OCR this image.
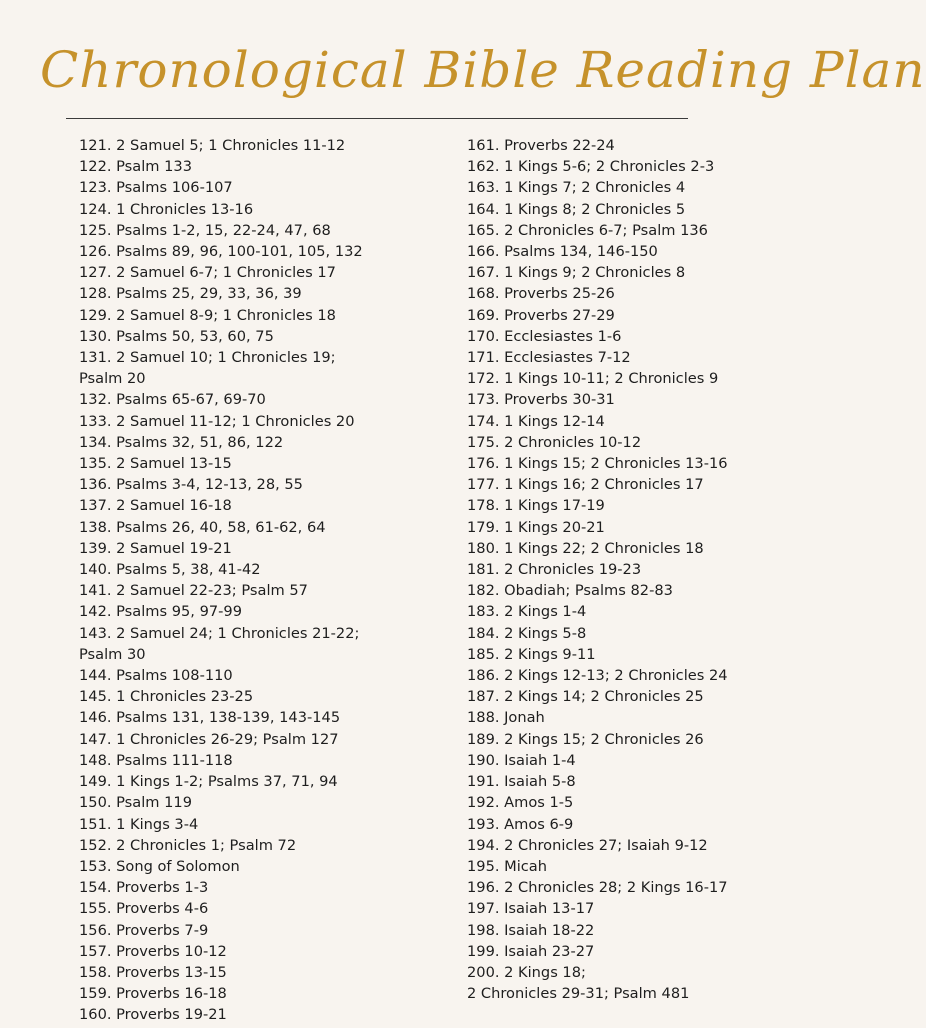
Chronological Bible Reading Plan
121. 2 Samuel 5; 1 Chronicles 11-12
122. Psalm 133
123. Psalms 106-107
124. 1 Chronicles 13-16
125. Psalms 1-2, 15, 22-24, 47, 68
126. Psalms 89, 96, 100-101, 105, 132
127. 2 Samuel 6-7; 1 Chronicles 17
128. Psalms 25, 29, 33, 36, 39
129. 2 Samuel 8-9; 1 Chronicles 18
130. Psalms 50, 53, 60, 75
131. 2 Samuel 10; 1 Chronicles 19;
Psalm 20
132. Psalms 65-67, 69-70
133. 2 Samuel 11-12; 1 Chronicles 20
134. Psalms 32, 51, 86, 122
135. 2 Samuel 13-15
136. Psalms 3-4, 12-13, 28, 55
137. 2 Samuel 16-18
138. Psalms 26, 40, 58, 61-62, 64
139. 2 Samuel 19-21
140. Psalms 5, 38, 41-42
141. 2 Samuel 22-23; Psalm 57
142. Psalms 95, 97-99
143. 2 Samuel 24; 1 Chronicles 21-22;
Psalm 30
144. Psalms 108-110
145. 1 Chronicles 23-25
146. Psalms 131, 138-139, 143-145
147. 1 Chronicles 26-29; Psalm 127
148. Psalms 111-118
149. 1 Kings 1-2; Psalms 37, 71, 94
150. Psalm 119
151. 1 Kings 3-4
152. 2 Chronicles 1; Psalm 72
153. Song of Solomon
154. Proverbs 1-3
155. Proverbs 4-6
156. Proverbs 7-9
157. Proverbs 10-12
158. Proverbs 13-15
159. Proverbs 16-18
160. Proverbs 19-21
161. Proverbs 22-24
162. 1 Kings 5-6; 2 Chronicles 2-3
163. 1 Kings 7; 2 Chronicles 4
164. 1 Kings 8; 2 Chronicles 5
165. 2 Chronicles 6-7; Psalm 136
166. Psalms 134, 146-150
167. 1 Kings 9; 2 Chronicles 8
168. Proverbs 25-26
169. Proverbs 27-29
170. Ecclesiastes 1-6
171. Ecclesiastes 7-12
172. 1 Kings 10-11; 2 Chronicles 9
173. Proverbs 30-31
174. 1 Kings 12-14
175. 2 Chronicles 10-12
176. 1 Kings 15; 2 Chronicles 13-16
177. 1 Kings 16; 2 Chronicles 17
178. 1 Kings 17-19
179. 1 Kings 20-21
180. 1 Kings 22; 2 Chronicles 18
181. 2 Chronicles 19-23
182. Obadiah; Psalms 82-83
183. 2 Kings 1-4
184. 2 Kings 5-8
185. 2 Kings 9-11
186. 2 Kings 12-13; 2 Chronicles 24
187. 2 Kings 14; 2 Chronicles 25
188. Jonah
189. 2 Kings 15; 2 Chronicles 26
190. Isaiah 1-4
191. Isaiah 5-8
192. Amos 1-5
193. Amos 6-9
194. 2 Chronicles 27; Isaiah 9-12
195. Micah
196. 2 Chronicles 28; 2 Kings 16-17
197. Isaiah 13-17
198. Isaiah 18-22
199. Isaiah 23-27
200. 2 Kings 18;
2 Chronicles 29-31; Psalm 481
